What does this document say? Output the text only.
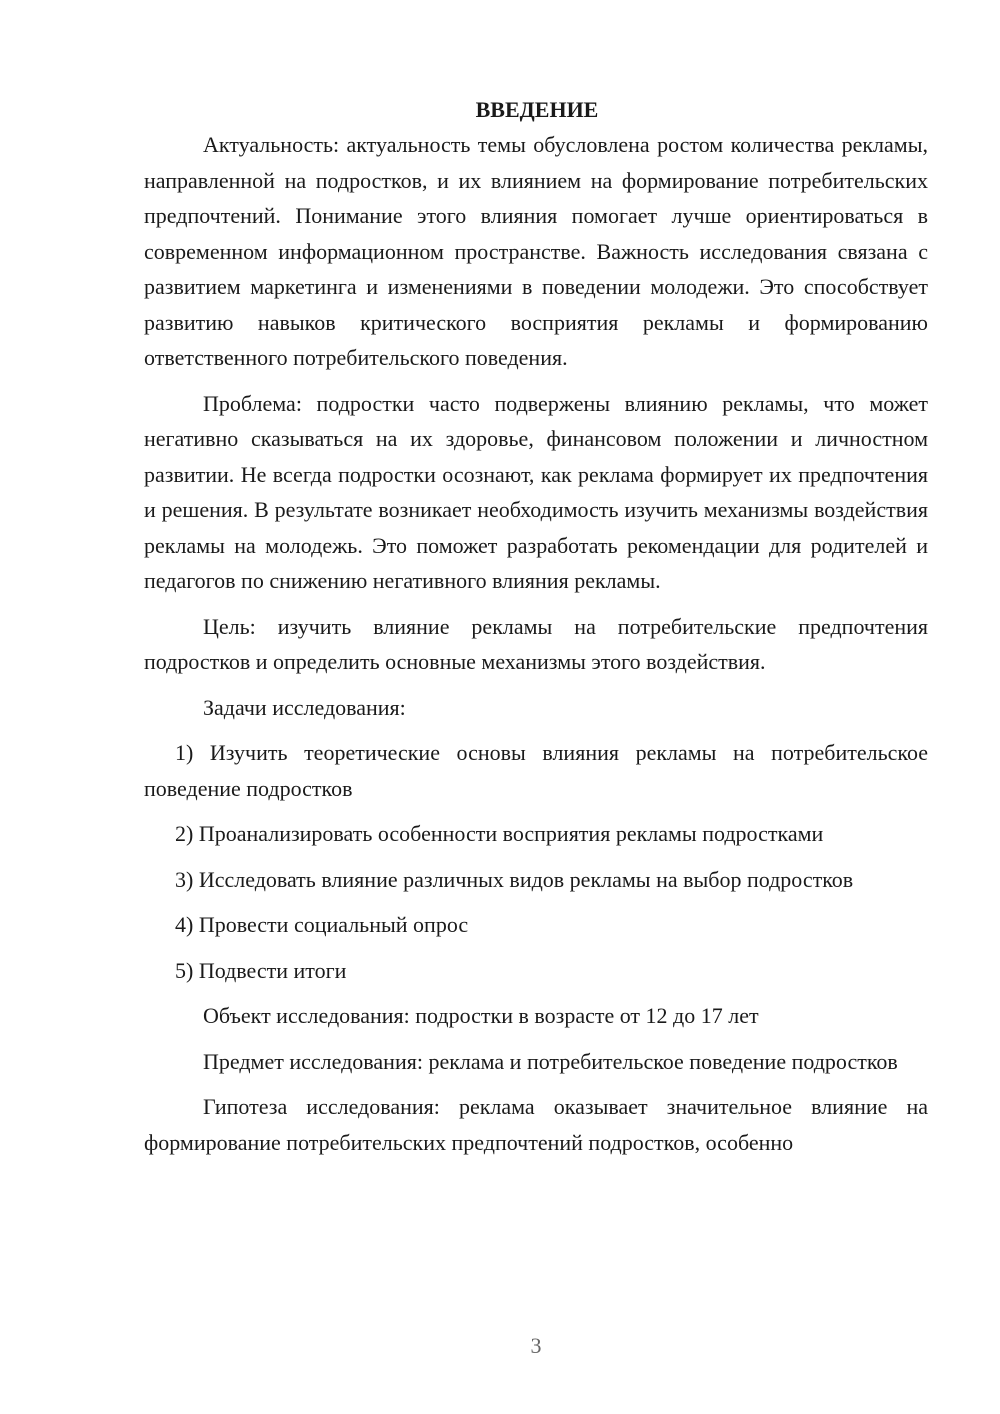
ВВЕДЕНИЕ

Актуальность: актуальность темы обусловлена ростом количества рекламы, направленной на подростков, и их влиянием на формирование потребительских предпочтений. Понимание этого влияния помогает лучше ориентироваться в современном информационном пространстве. Важность исследования связана с развитием маркетинга и изменениями в поведении молодежи. Это способствует развитию навыков критического восприятия рекламы и формированию ответственного потребительского поведения.

Проблема: подростки часто подвержены влиянию рекламы, что может негативно сказываться на их здоровье, финансовом положении и личностном развитии. Не всегда подростки осознают, как реклама формирует их предпочтения и решения. В результате возникает необходимость изучить механизмы воздействия рекламы на молодежь. Это поможет разработать рекомендации для родителей и педагогов по снижению негативного влияния рекламы.

Цель: изучить влияние рекламы на потребительские предпочтения подростков и определить основные механизмы этого воздействия.

Задачи исследования:

1) Изучить теоретические основы влияния рекламы на потребительское поведение подростков

2) Проанализировать особенности восприятия рекламы подростками

3) Исследовать влияние различных видов рекламы на выбор подростков

4) Провести социальный опрос

5) Подвести итоги

Объект исследования: подростки в возрасте от 12 до 17 лет

Предмет исследования: реклама и потребительское поведение подростков

Гипотеза исследования: реклама оказывает значительное влияние на формирование потребительских предпочтений подростков, особенно

3
